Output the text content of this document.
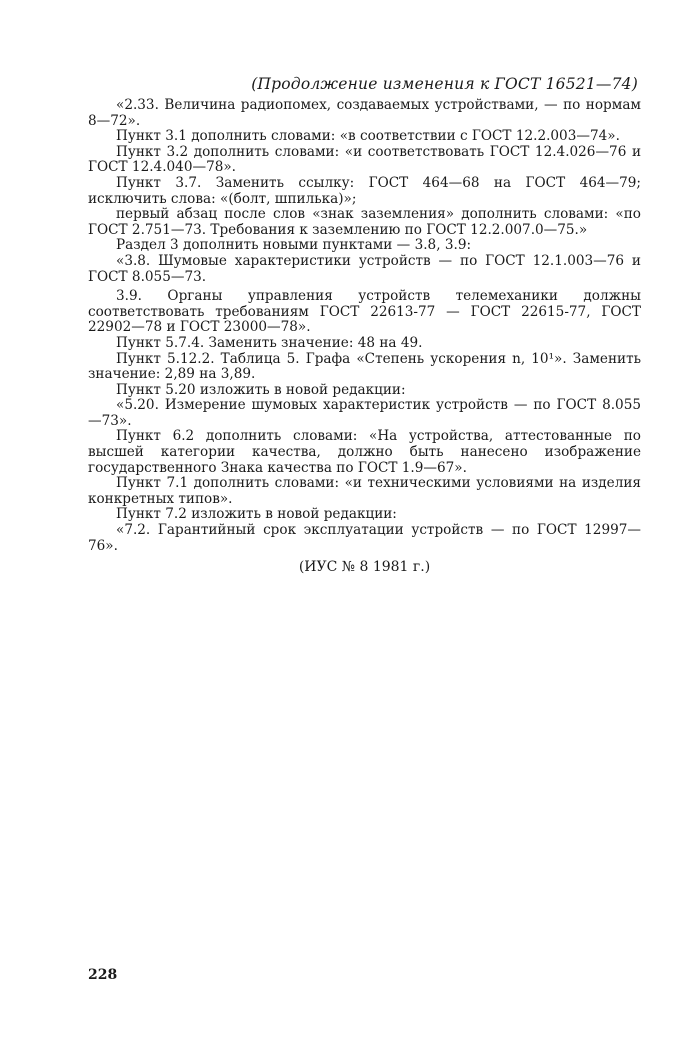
(Продолжение изменения к ГОСТ 16521—74)

«2.33. Величина радиопомех, создаваемых устройствами, — по нормам 8—72».

Пункт 3.1 дополнить словами: «в соответствии с ГОСТ 12.2.003—74».

Пункт 3.2 дополнить словами: «и соответствовать ГОСТ 12.4.026—76 и ГОСТ 12.4.040—78».

Пункт 3.7. Заменить ссылку: ГОСТ 464—68 на ГОСТ 464—79; исключить слова: «(болт, шпилька)»;

первый абзац после слов «знак заземления» дополнить словами: «по ГОСТ 2.751—73. Требования к заземлению по ГОСТ 12.2.007.0—75.»

Раздел 3 дополнить новыми пунктами — 3.8, 3.9:

«3.8. Шумовые характеристики устройств — по ГОСТ 12.1.003—76 и ГОСТ 8.055—73.

3.9. Органы управления устройств телемеханики должны соответствовать требованиям ГОСТ 22613-77 — ГОСТ 22615-77, ГОСТ 22902—78 и ГОСТ 23000—78».

Пункт 5.7.4. Заменить значение: 48 на 49.

Пункт 5.12.2. Таблица 5. Графа «Степень ускорения n, 10¹». Заменить значение: 2,89 на 3,89.

Пункт 5.20 изложить в новой редакции:

«5.20. Измерение шумовых характеристик устройств — по ГОСТ 8.055—73».

Пункт 6.2 дополнить словами: «На устройства, аттестованные по высшей категории качества, должно быть нанесено изображение государственного Знака качества по ГОСТ 1.9—67».

Пункт 7.1 дополнить словами: «и техническими условиями на изделия конкретных типов».

Пункт 7.2 изложить в новой редакции:

«7.2. Гарантийный срок эксплуатации устройств — по ГОСТ 12997—76».

(ИУС № 8 1981 г.)

228
